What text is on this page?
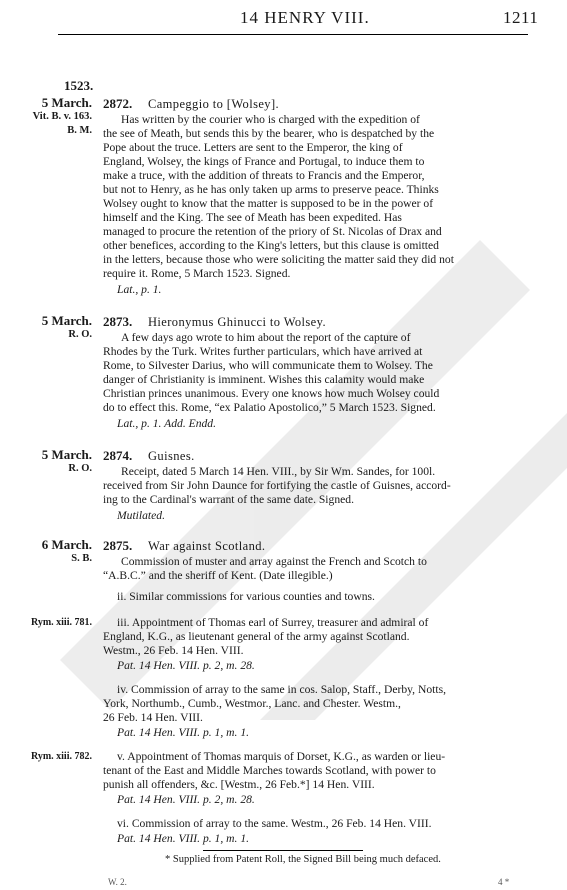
14 HENRY VIII.	1211
1523.
5 March.
Vit. B. v. 163.
B. M.
2872. Campeggio to [Wolsey].
Has written by the courier who is charged with the expedition of
the see of Meath, but sends this by the bearer, who is despatched by the
Pope about the truce. Letters are sent to the Emperor, the king of
England, Wolsey, the kings of France and Portugal, to induce them to
make a truce, with the addition of threats to Francis and the Emperor,
but not to Henry, as he has only taken up arms to preserve peace. Thinks
Wolsey ought to know that the matter is supposed to be in the power of
himself and the King. The see of Meath has been expedited. Has
managed to procure the retention of the priory of St. Nicolas of Drax and
other benefices, according to the King's letters, but this clause is omitted
in the letters, because those who were soliciting the matter said they did not
require it. Rome, 5 March 1523. Signed.
Lat., p. 1.
5 March.
R. O.
2873. Hieronymus Ghinucci to Wolsey.
A few days ago wrote to him about the report of the capture of
Rhodes by the Turk. Writes further particulars, which have arrived at
Rome, to Silvester Darius, who will communicate them to Wolsey. The
danger of Christianity is imminent. Wishes this calamity would make
Christian princes unanimous. Every one knows how much Wolsey could
do to effect this. Rome, “ex Palatio Apostolico,” 5 March 1523. Signed.
Lat., p. 1. Add. Endd.
5 March.
R. O.
2874. Guisnes.
Receipt, dated 5 March 14 Hen. VIII., by Sir Wm. Sandes, for 100l.
received from Sir John Daunce for fortifying the castle of Guisnes, accord-
ing to the Cardinal's warrant of the same date. Signed.
Mutilated.
6 March.
S. B.
2875. War against Scotland.
Commission of muster and array against the French and Scotch to
“A.B.C.” and the sheriff of Kent. (Date illegible.)
ii. Similar commissions for various counties and towns.
Rym. xiii. 781.	iii. Appointment of Thomas earl of Surrey, treasurer and admiral of
England, K.G., as lieutenant general of the army against Scotland.
Westm., 26 Feb. 14 Hen. VIII.
Pat. 14 Hen. VIII. p. 2, m. 28.
iv. Commission of array to the same in cos. Salop, Staff., Derby, Notts,
York, Northumb., Cumb., Westmor., Lanc. and Chester. Westm.,
26 Feb. 14 Hen. VIII.
Pat. 14 Hen. VIII. p. 1, m. 1.
Rym. xiii. 782.	v. Appointment of Thomas marquis of Dorset, K.G., as warden or lieu-
tenant of the East and Middle Marches towards Scotland, with power to
punish all offenders, &c. [Westm., 26 Feb.*] 14 Hen. VIII.
Pat. 14 Hen. VIII. p. 2, m. 28.
vi. Commission of array to the same. Westm., 26 Feb. 14 Hen. VIII.
Pat. 14 Hen. VIII. p. 1, m. 1.
* Supplied from Patent Roll, the Signed Bill being much defaced.
W. 2.	4 *
